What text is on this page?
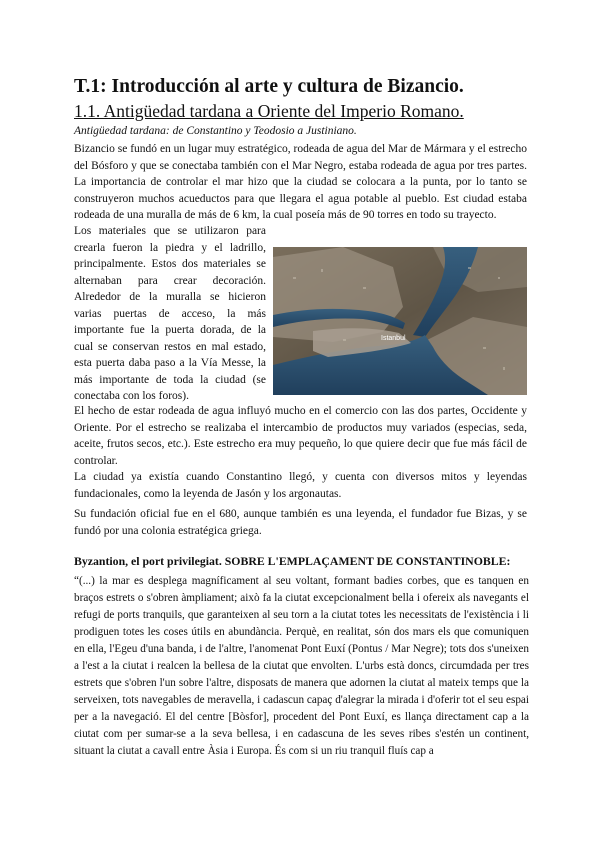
T.1: Introducción al arte y cultura de Bizancio.
1.1. Antigüedad tardana a Oriente del Imperio Romano.

Antigüedad tardana: de Constantino y Teodosio a Justiniano.

Bizancio se fundó en un lugar muy estratégico, rodeada de agua del Mar de Mármara y el estrecho del Bósforo y que se conectaba también con el Mar Negro, estaba rodeada de agua por tres partes. La importancia de controlar el mar hizo que la ciudad se colocara a la punta, por lo tanto se construyeron muchos acueductos para que llegara el agua potable al pueblo. Est ciudad estaba rodeada de una muralla de más de 6 km, la cual poseía más de 90 torres en todo su trayecto.

Los materiales que se utilizaron para crearla fueron la piedra y el ladrillo, principalmente. Estos dos materiales se alternaban para crear decoración. Alrededor de la muralla se hicieron varias puertas de acceso, la más importante fue la puerta dorada, de la cual se conservan restos en mal estado, esta puerta daba paso a la Vía Messe, la más importante de toda la ciudad (se conectaba con los foros).

Istanbul

El hecho de estar rodeada de agua influyó mucho en el comercio con las dos partes, Occidente y Oriente. Por el estrecho se realizaba el intercambio de productos muy variados (especias, seda, aceite, frutos secos, etc.). Este estrecho era muy pequeño, lo que quiere decir que fue más fácil de controlar.

La ciudad ya existía cuando Constantino llegó, y cuenta con diversos mitos y leyendas fundacionales, como la leyenda de Jasón y los argonautas.

Su fundación oficial fue en el 680, aunque también es una leyenda, el fundador fue Bizas, y se fundó por una colonia estratégica griega.

Byzantion, el port privilegiat. SOBRE L'EMPLAÇAMENT DE CONSTANTINOBLE:

“(...) la mar es desplega magníficament al seu voltant, formant badies corbes, que es tanquen en braços estrets o s'obren àmpliament; això fa la ciutat excepcionalment bella i ofereix als navegants el refugi de ports tranquils, que garanteixen al seu torn a la ciutat totes les necessitats de l'existència i li prodiguen totes les coses útils en abundància. Perquè, en realitat, són dos mars els que comuniquen en ella, l'Egeu d'una banda, i de l'altre, l'anomenat Pont Euxí (Pontus / Mar Negre); tots dos s'uneixen a l'est a la ciutat i realcen la bellesa de la ciutat que envolten. L'urbs està doncs, circumdada per tres estrets que s'obren l'un sobre l'altre, disposats de manera que adornen la ciutat al mateix temps que la serveixen, tots navegables de meravella, i cadascun capaç d'alegrar la mirada i d'oferir tot el seu espai per a la navegació. El del centre [Bòsfor], procedent del Pont Euxí, es llança directament cap a la ciutat com per sumar-se a la seva bellesa, i en cadascuna de les seves ribes s'estén un continent, situant la ciutat a cavall entre Àsia i Europa. És com si un riu tranquil fluís cap a
